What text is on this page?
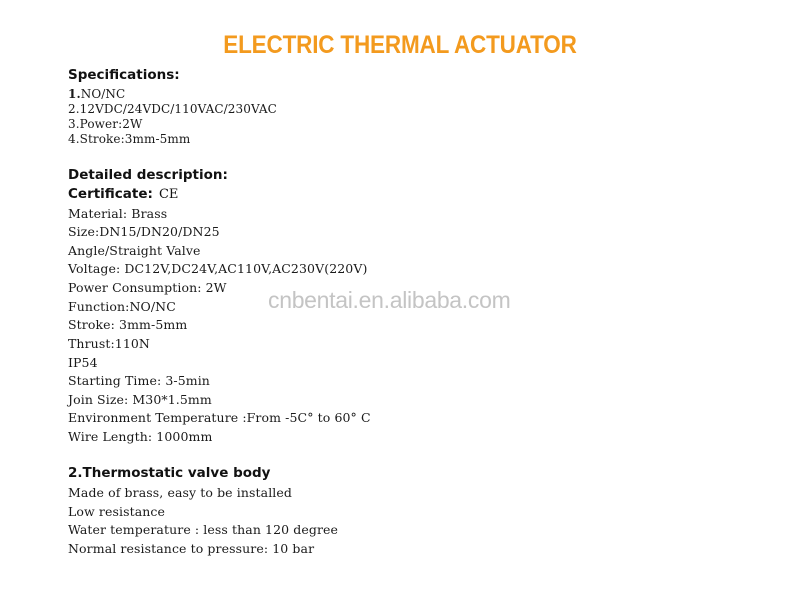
ELECTRIC THERMAL ACTUATOR
Specifications:
1.NO/NC
2.12VDC/24VDC/110VAC/230VAC
3.Power:2W
4.Stroke:3mm-5mm
Detailed description:
Certificate: CE
Material: Brass
Size:DN15/DN20/DN25
Angle/Straight Valve
Voltage: DC12V,DC24V,AC110V,AC230V(220V)
Power Consumption: 2W
Function:NO/NC
Stroke: 3mm-5mm
Thrust:110N
IP54
Starting Time: 3-5min
Join Size: M30*1.5mm
Environment Temperature :From -5C° to 60° C
Wire Length: 1000mm
2.Thermostatic valve body
Made of brass, easy to be installed
Low resistance
Water temperature : less than 120 degree
Normal resistance to pressure: 10 bar
cnbentai.en.alibaba.com
